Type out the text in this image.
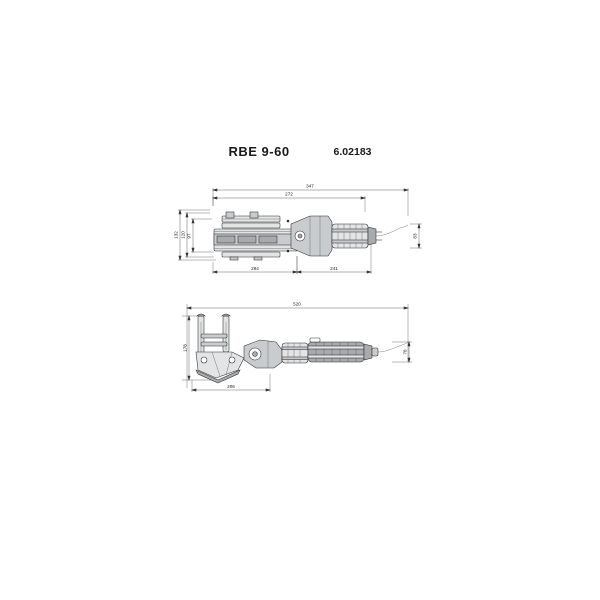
RBE 9-60	6.02183
347
272
132 120 97	83
284	241
520
178
78
206
